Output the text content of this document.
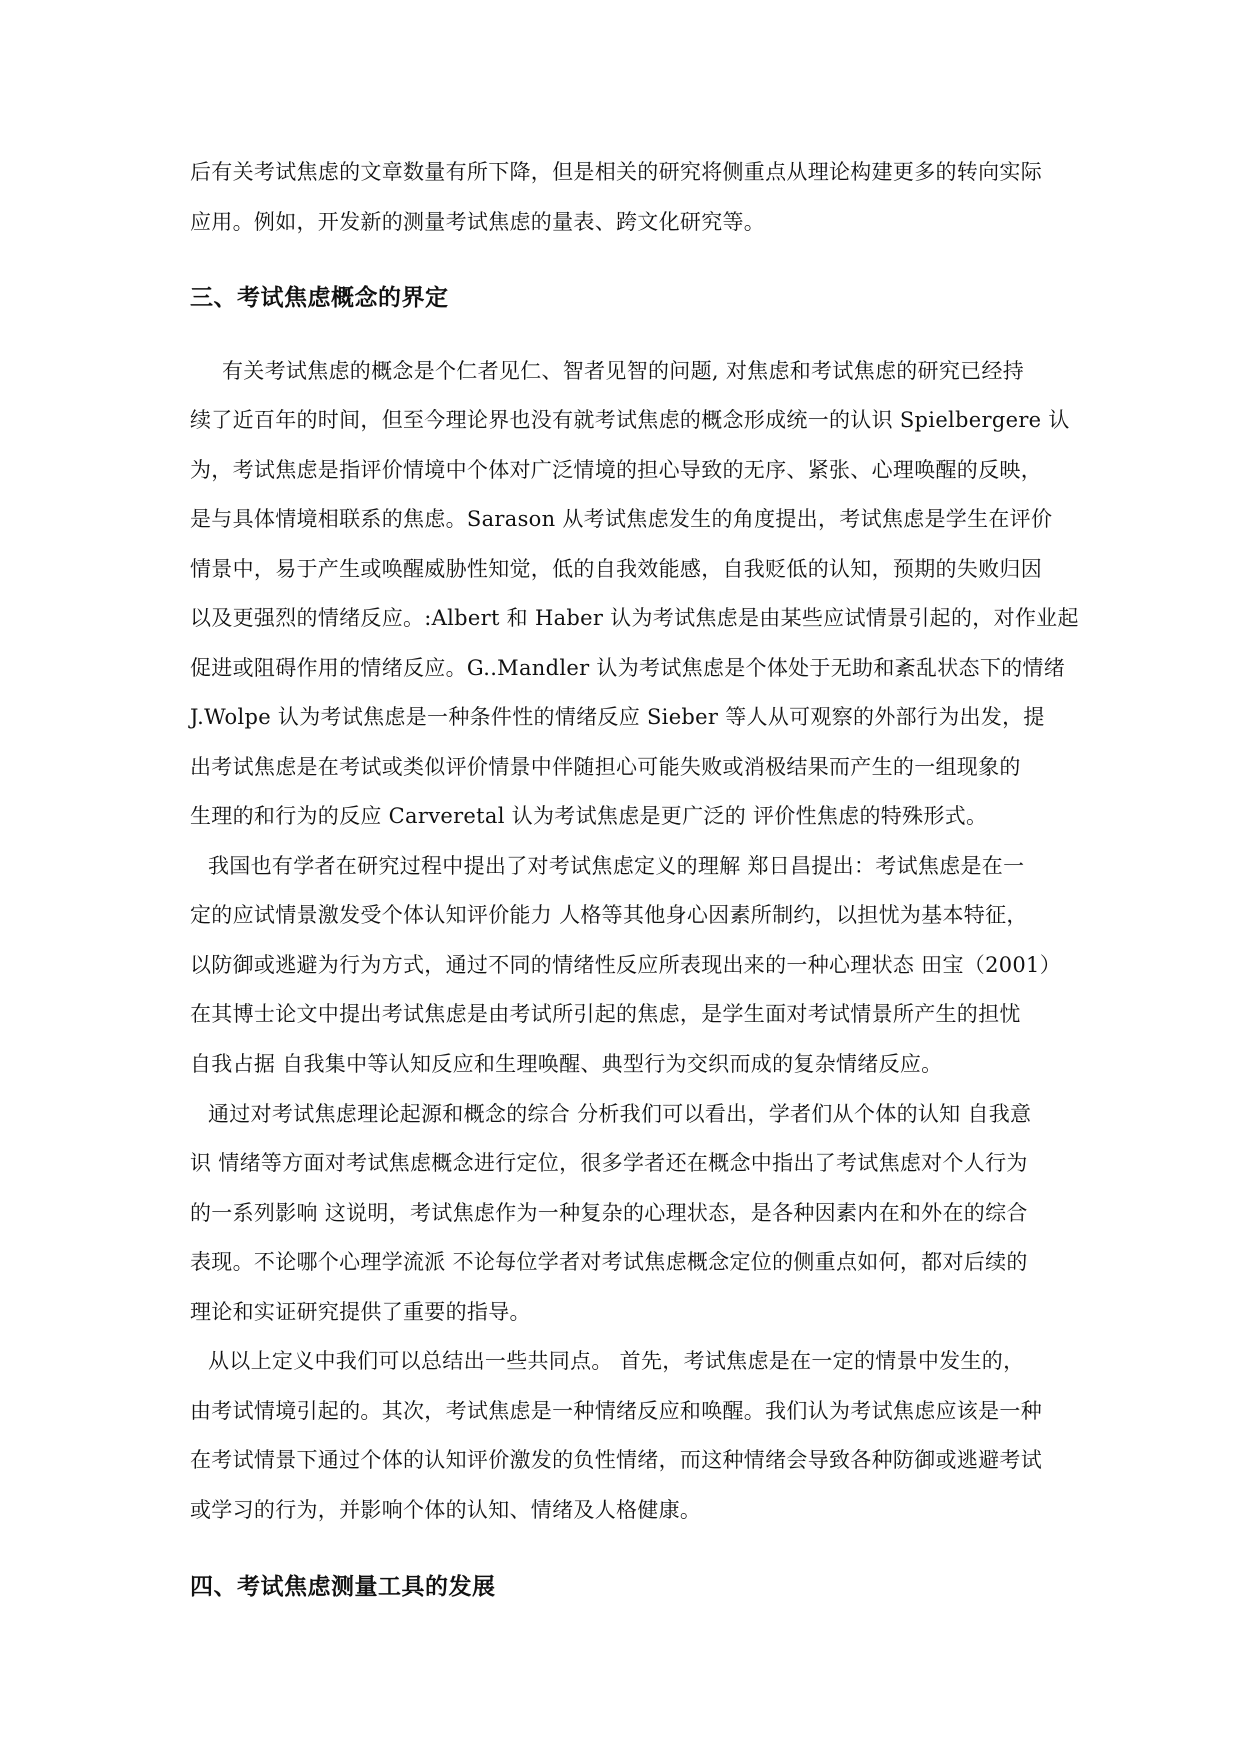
后有关考试焦虑的文章数量有所下降，但是相关的研究将侧重点从理论构建更多的转向实际
应用。例如，开发新的测量考试焦虑的量表、跨文化研究等。
三、考试焦虑概念的界定
有关考试焦虑的概念是个仁者见仁、智者见智的问题, 对焦虑和考试焦虑的研究已经持
续了近百年的时间，但至今理论界也没有就考试焦虑的概念形成统一的认识 Spielbergere 认
为，考试焦虑是指评价情境中个体对广泛情境的担心导致的无序、紧张、心理唤醒的反映，
是与具体情境相联系的焦虑。Sarason 从考试焦虑发生的角度提出，考试焦虑是学生在评价
情景中，易于产生或唤醒威胁性知觉，低的自我效能感，自我贬低的认知，预期的失败归因
以及更强烈的情绪反应。:Albert 和 Haber 认为考试焦虑是由某些应试情景引起的，对作业起
促进或阻碍作用的情绪反应。G..Mandler 认为考试焦虑是个体处于无助和紊乱状态下的情绪
J.Wolpe 认为考试焦虑是一种条件性的情绪反应 Sieber 等人从可观察的外部行为出发，提
出考试焦虑是在考试或类似评价情景中伴随担心可能失败或消极结果而产生的一组现象的
生理的和行为的反应 Carveretal 认为考试焦虑是更广泛的 评价性焦虑的特殊形式。
我国也有学者在研究过程中提出了对考试焦虑定义的理解 郑日昌提出：考试焦虑是在一
定的应试情景激发受个体认知评价能力 人格等其他身心因素所制约，以担忧为基本特征，
以防御或逃避为行为方式，通过不同的情绪性反应所表现出来的一种心理状态 田宝（2001）
在其博士论文中提出考试焦虑是由考试所引起的焦虑，是学生面对考试情景所产生的担忧
自我占据 自我集中等认知反应和生理唤醒、典型行为交织而成的复杂情绪反应。
通过对考试焦虑理论起源和概念的综合 分析我们可以看出，学者们从个体的认知 自我意
识 情绪等方面对考试焦虑概念进行定位，很多学者还在概念中指出了考试焦虑对个人行为
的一系列影响 这说明，考试焦虑作为一种复杂的心理状态，是各种因素内在和外在的综合
表现。不论哪个心理学流派 不论每位学者对考试焦虑概念定位的侧重点如何，都对后续的
理论和实证研究提供了重要的指导。
从以上定义中我们可以总结出一些共同点。 首先，考试焦虑是在一定的情景中发生的，
由考试情境引起的。其次，考试焦虑是一种情绪反应和唤醒。我们认为考试焦虑应该是一种
在考试情景下通过个体的认知评价激发的负性情绪，而这种情绪会导致各种防御或逃避考试
或学习的行为，并影响个体的认知、情绪及人格健康。
四、考试焦虑测量工具的发展
